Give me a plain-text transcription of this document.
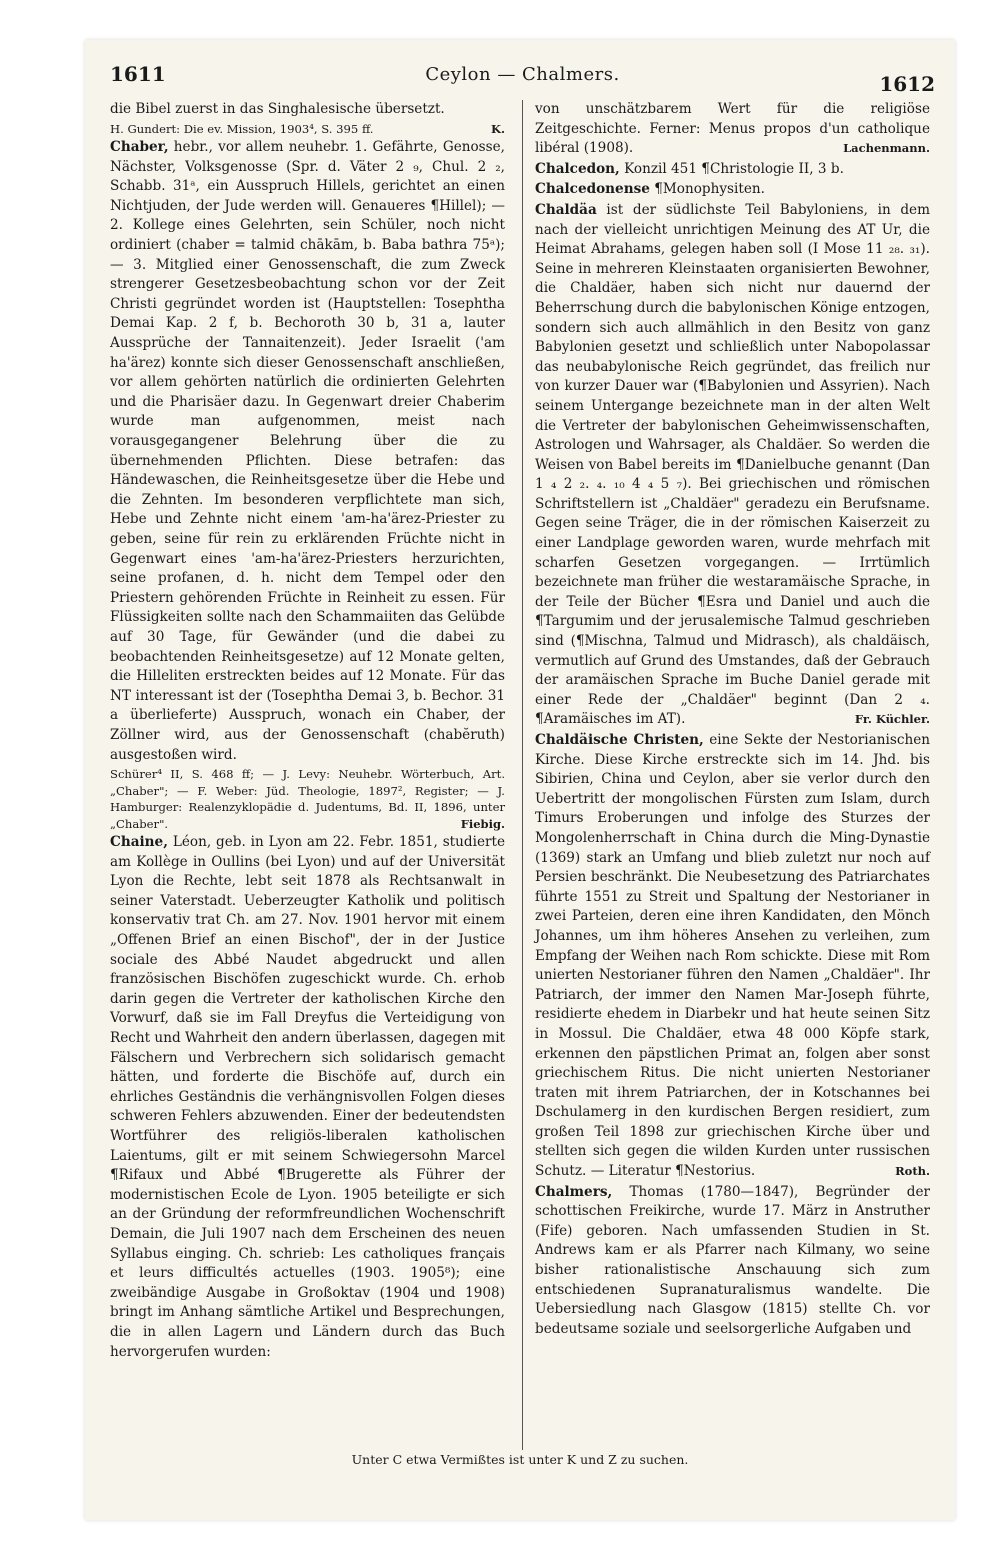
1611	Ceylon — Chalmers.	1612

die Bibel zuerst in das Singhalesische übersetzt.

H. Gundert: Die ev. Mission, 1903⁴, S. 395 ff.	K.

Chaber, hebr., vor allem neuhebr. 1. Gefährte, Genosse, Nächster, Volksgenosse (Spr. d. Väter 2 ₉, Chul. 2 ₂, Schabb. 31ᵃ, ein Ausspruch Hillels, gerichtet an einen Nichtjuden, der Jude werden will. Genaueres ¶Hillel); — 2. Kollege eines Gelehrten, sein Schüler, noch nicht ordiniert (chaber = talmid chākām, b. Baba bathra 75ᵃ); — 3. Mitglied einer Genossenschaft, die zum Zweck strengerer Gesetzesbeobachtung schon vor der Zeit Christi gegründet worden ist (Hauptstellen: Tosephtha Demai Kap. 2 f, b. Bechoroth 30 b, 31 a, lauter Aussprüche der Tannaitenzeit). Jeder Israelit ('am ha'ärez) konnte sich dieser Genossenschaft anschließen, vor allem gehörten natürlich die ordinierten Gelehrten und die Pharisäer dazu. In Gegenwart dreier Chaberim wurde man aufgenommen, meist nach vorausgegangener Belehrung über die zu übernehmenden Pflichten. Diese betrafen: das Händewaschen, die Reinheitsgesetze über die Hebe und die Zehnten. Im besonderen verpflichtete man sich, Hebe und Zehnte nicht einem 'am-ha'ärez-Priester zu geben, seine für rein zu erklärenden Früchte nicht in Gegenwart eines 'am-ha'ärez-Priesters herzurichten, seine profanen, d. h. nicht dem Tempel oder den Priestern gehörenden Früchte in Reinheit zu essen. Für Flüssigkeiten sollte nach den Schammaiiten das Gelübde auf 30 Tage, für Gewänder (und die dabei zu beobachtenden Reinheitsgesetze) auf 12 Monate gelten, die Hilleliten erstreckten beides auf 12 Monate. Für das NT interessant ist der (Tosephtha Demai 3, b. Bechor. 31 a überlieferte) Ausspruch, wonach ein Chaber, der Zöllner wird, aus der Genossenschaft (chabĕruth) ausgestoßen wird.

Schürer⁴ II, S. 468 ff; — J. Levy: Neuhebr. Wörterbuch, Art. „Chaber"; — F. Weber: Jüd. Theologie, 1897², Register; — J. Hamburger: Realenzyklopädie d. Judentums, Bd. II, 1896, unter „Chaber".	Fiebig.

Chaine, Léon, geb. in Lyon am 22. Febr. 1851, studierte am Kollège in Oullins (bei Lyon) und auf der Universität Lyon die Rechte, lebt seit 1878 als Rechtsanwalt in seiner Vaterstadt. Ueberzeugter Katholik und politisch konservativ trat Ch. am 27. Nov. 1901 hervor mit einem „Offenen Brief an einen Bischof", der in der Justice sociale des Abbé Naudet abgedruckt und allen französischen Bischöfen zugeschickt wurde. Ch. erhob darin gegen die Vertreter der katholischen Kirche den Vorwurf, daß sie im Fall Dreyfus die Verteidigung von Recht und Wahrheit den andern überlassen, dagegen mit Fälschern und Verbrechern sich solidarisch gemacht hätten, und forderte die Bischöfe auf, durch ein ehrliches Geständnis die verhängnisvollen Folgen dieses schweren Fehlers abzuwenden. Einer der bedeutendsten Wortführer des religiös-liberalen katholischen Laientums, gilt er mit seinem Schwiegersohn Marcel ¶Rifaux und Abbé ¶Brugerette als Führer der modernistischen Ecole de Lyon. 1905 beteiligte er sich an der Gründung der reformfreundlichen Wochenschrift Demain, die Juli 1907 nach dem Erscheinen des neuen Syllabus einging. Ch. schrieb: Les catholiques français et leurs difficultés actuelles (1903. 1905⁸); eine zweibändige Ausgabe in Großoktav (1904 und 1908) bringt im Anhang sämtliche Artikel und Besprechungen, die in allen Lagern und Ländern durch das Buch hervorgerufen wurden:

von unschätzbarem Wert für die religiöse Zeitgeschichte. Ferner: Menus propos d'un catholique libéral (1908).	Lachenmann.

Chalcedon, Konzil 451 ¶Christologie II, 3 b.

Chalcedonense ¶Monophysiten.

Chaldäa ist der südlichste Teil Babyloniens, in dem nach der vielleicht unrichtigen Meinung des AT Ur, die Heimat Abrahams, gelegen haben soll (I Mose 11 ₂₈. ₃₁). Seine in mehreren Kleinstaaten organisierten Bewohner, die Chaldäer, haben sich nicht nur dauernd der Beherrschung durch die babylonischen Könige entzogen, sondern sich auch allmählich in den Besitz von ganz Babylonien gesetzt und schließlich unter Nabopolassar das neubabylonische Reich gegründet, das freilich nur von kurzer Dauer war (¶Babylonien und Assyrien). Nach seinem Untergange bezeichnete man in der alten Welt die Vertreter der babylonischen Geheimwissenschaften, Astrologen und Wahrsager, als Chaldäer. So werden die Weisen von Babel bereits im ¶Danielbuche genannt (Dan 1 ₄ 2 ₂. ₄. ₁₀ 4 ₄ 5 ₇). Bei griechischen und römischen Schriftstellern ist „Chaldäer" geradezu ein Berufsname. Gegen seine Träger, die in der römischen Kaiserzeit zu einer Landplage geworden waren, wurde mehrfach mit scharfen Gesetzen vorgegangen. — Irrtümlich bezeichnete man früher die westaramäische Sprache, in der Teile der Bücher ¶Esra und Daniel und auch die ¶Targumim und der jerusalemische Talmud geschrieben sind (¶Mischna, Talmud und Midrasch), als chaldäisch, vermutlich auf Grund des Umstandes, daß der Gebrauch der aramäischen Sprache im Buche Daniel gerade mit einer Rede der „Chaldäer" beginnt (Dan 2 ₄. ¶Aramäisches im AT).	Fr. Küchler.

Chaldäische Christen, eine Sekte der Nestorianischen Kirche. Diese Kirche erstreckte sich im 14. Jhd. bis Sibirien, China und Ceylon, aber sie verlor durch den Uebertritt der mongolischen Fürsten zum Islam, durch Timurs Eroberungen und infolge des Sturzes der Mongolenherrschaft in China durch die Ming-Dynastie (1369) stark an Umfang und blieb zuletzt nur noch auf Persien beschränkt. Die Neubesetzung des Patriarchates führte 1551 zu Streit und Spaltung der Nestorianer in zwei Parteien, deren eine ihren Kandidaten, den Mönch Johannes, um ihm höheres Ansehen zu verleihen, zum Empfang der Weihen nach Rom schickte. Diese mit Rom unierten Nestorianer führen den Namen „Chaldäer". Ihr Patriarch, der immer den Namen Mar-Joseph führte, residierte ehedem in Diarbekr und hat heute seinen Sitz in Mossul. Die Chaldäer, etwa 48 000 Köpfe stark, erkennen den päpstlichen Primat an, folgen aber sonst griechischem Ritus. Die nicht unierten Nestorianer traten mit ihrem Patriarchen, der in Kotschannes bei Dschulamerg in den kurdischen Bergen residiert, zum großen Teil 1898 zur griechischen Kirche über und stellten sich gegen die wilden Kurden unter russischen Schutz. — Literatur ¶Nestorius.	Roth.

Chalmers, Thomas (1780—1847), Begründer der schottischen Freikirche, wurde 17. März in Anstruther (Fife) geboren. Nach umfassenden Studien in St. Andrews kam er als Pfarrer nach Kilmany, wo seine bisher rationalistische Anschauung sich zum entschiedenen Supranaturalismus wandelte. Die Uebersiedlung nach Glasgow (1815) stellte Ch. vor bedeutsame soziale und seelsorgerliche Aufgaben und

Unter C etwa Vermißtes ist unter K und Z zu suchen.
